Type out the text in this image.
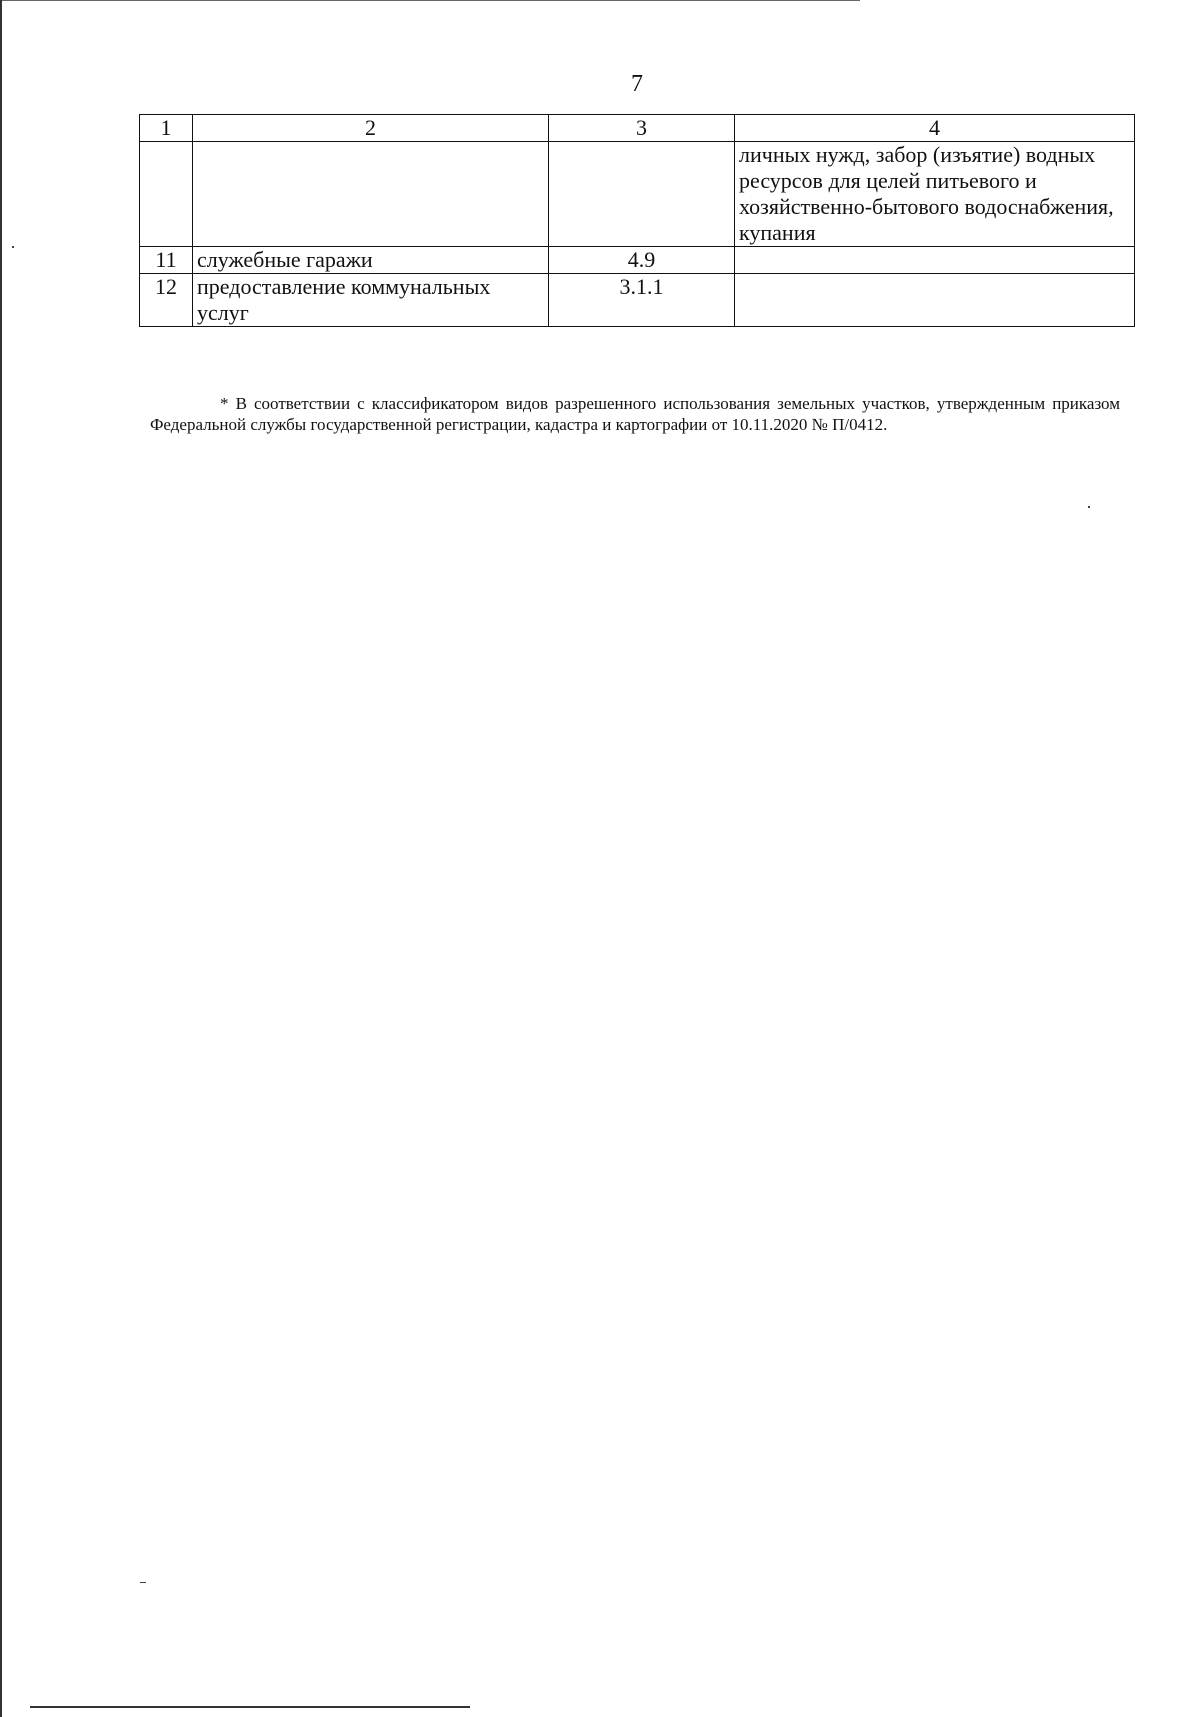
7
1	2	3	4
			личных нужд, забор (изъятие) водных ресурсов для целей питьевого и хозяйственно-бытового водоснабжения, купания
11	служебные гаражи	4.9	
12	предоставление коммунальных услуг	3.1.1	

* В соответствии с классификатором видов разрешенного использования земельных участков, утвержденным приказом Федеральной службы государственной регистрации, кадастра и картографии от 10.11.2020 № П/0412.
